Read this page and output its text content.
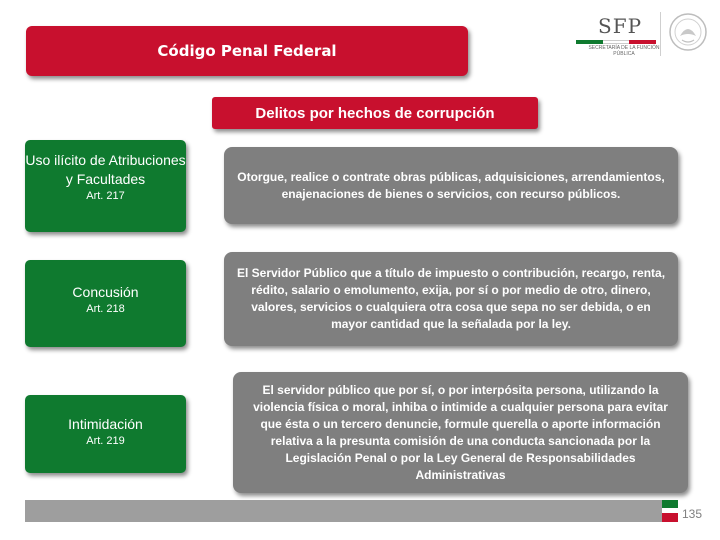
Código Penal Federal
SFP
SECRETARÍA DE LA FUNCIÓN PÚBLICA
Delitos por hechos de corrupción
Uso ilícito de Atribuciones y Facultades
Art. 217
Otorgue, realice o contrate obras públicas, adquisiciones, arrendamientos, enajenaciones de bienes o servicios, con recurso públicos.
Concusión
Art. 218
El Servidor Público que a título de impuesto o contribución, recargo, renta, rédito, salario o emolumento, exija, por sí o por medio de otro, dinero, valores, servicios o cualquiera otra cosa que sepa no ser debida, o en mayor cantidad que la señalada por la ley.
Intimidación
Art. 219
El servidor público que por sí, o por interpósita persona, utilizando la violencia física o moral, inhiba o intimide a cualquier persona para evitar que ésta o un tercero denuncie, formule querella o aporte información relativa a la presunta comisión de una conducta sancionada por la Legislación Penal o por la Ley General de Responsabilidades Administrativas
135
